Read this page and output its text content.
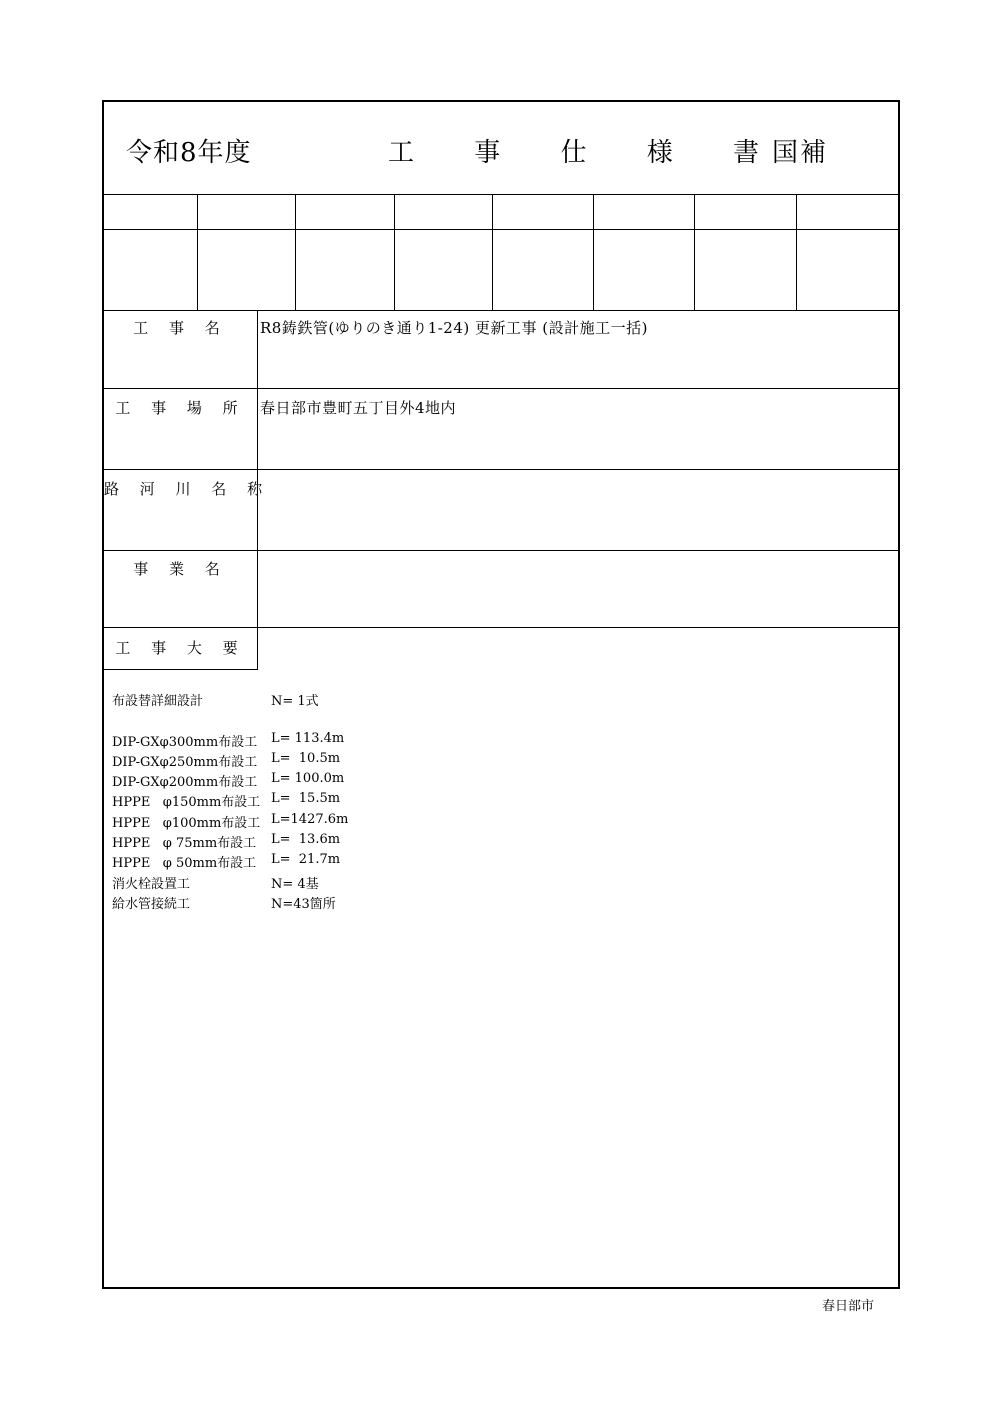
令和8年度	工 事 仕 様 書
国補
工 事 名	R8鋳鉄管(ゆりのき通り1-24) 更新工事 (設計施工一括)
工 事 場 所 春日部市豊町五丁目外4地内
路 河 川 名 称
事 業 名
工 事 大 要
布設替詳細設計	N= 1式
DIP-GXφ300mm布設工 L= 113.4m
DIP-GXφ250mm布設工 L=  10.5m
DIP-GXφ200mm布設工 L= 100.0m
HPPE   φ150mm布設工 L=  15.5m
HPPE   φ100mm布設工 L=1427.6m
HPPE   φ 75mm布設工 L=  13.6m
HPPE   φ 50mm布設工 L=  21.7m
消火栓設置工	N= 4基
給水管接続工	N=43箇所
春日部市
